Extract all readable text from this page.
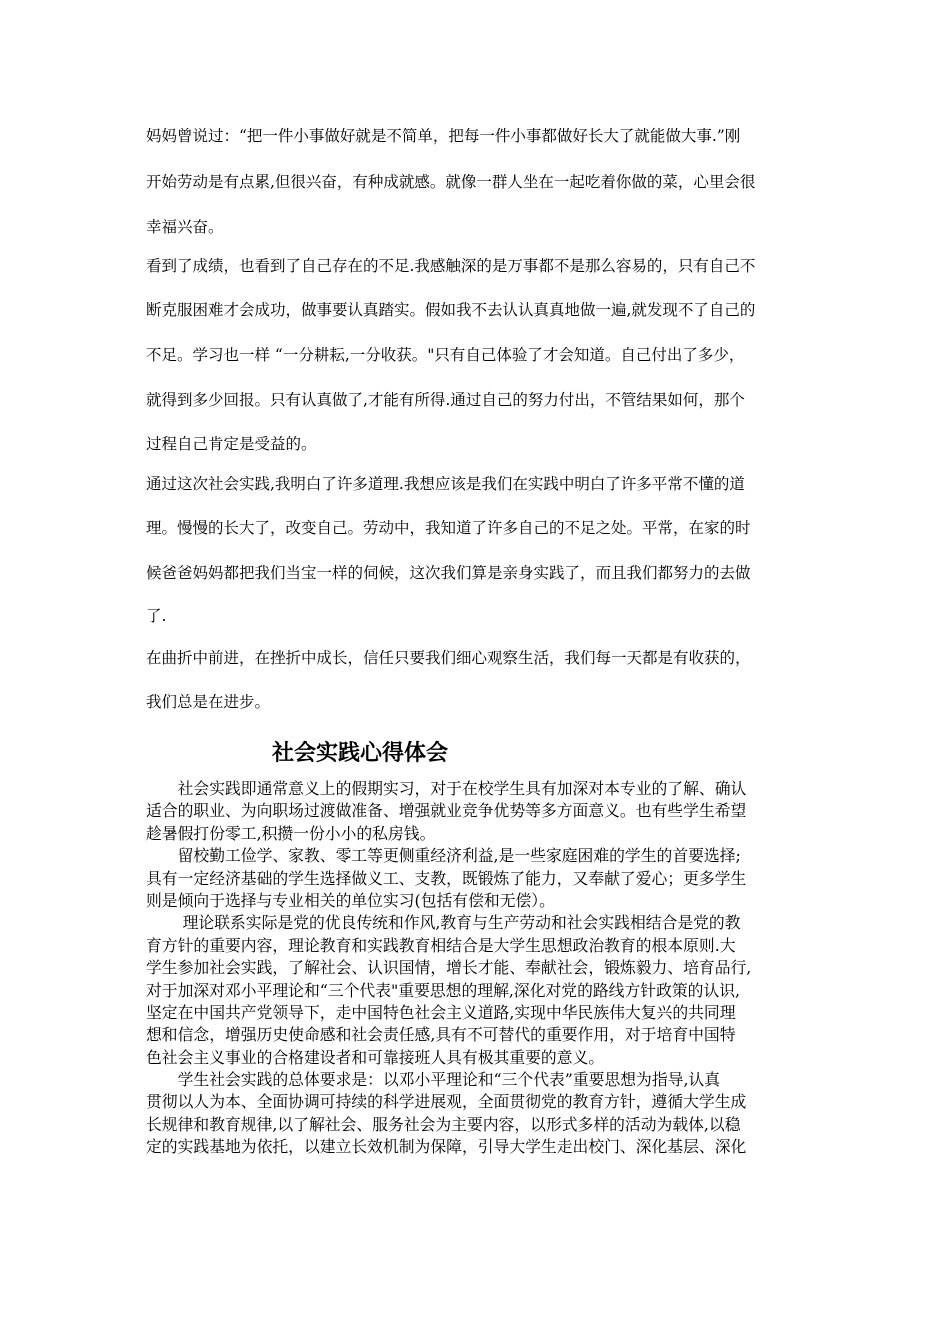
妈妈曾说过：“把一件小事做好就是不简单，把每一件小事都做好长大了就能做大事.”刚
开始劳动是有点累,但很兴奋，有种成就感。就像一群人坐在一起吃着你做的菜，心里会很
幸福兴奋。
看到了成绩，也看到了自己存在的不足.我感触深的是万事都不是那么容易的，只有自己不
断克服困难才会成功，做事要认真踏实。假如我不去认认真真地做一遍,就发现不了自己的
不足。学习也一样 “一分耕耘,一分收获。"只有自己体验了才会知道。自己付出了多少，
就得到多少回报。只有认真做了,才能有所得.通过自己的努力付出，不管结果如何，那个
过程自己肯定是受益的。
通过这次社会实践,我明白了许多道理.我想应该是我们在实践中明白了许多平常不懂的道
理。慢慢的长大了，改变自己。劳动中，我知道了许多自己的不足之处。平常，在家的时
候爸爸妈妈都把我们当宝一样的伺候，这次我们算是亲身实践了，而且我们都努力的去做
了.
在曲折中前进，在挫折中成长，信任只要我们细心观察生活，我们每一天都是有收获的，
我们总是在进步。
社会实践心得体会
　　社会实践即通常意义上的假期实习，对于在校学生具有加深对本专业的了解、确认
适合的职业、为向职场过渡做准备、增强就业竞争优势等多方面意义。也有些学生希望
趁暑假打份零工,积攒一份小小的私房钱。
　　留校勤工俭学、家教、零工等更侧重经济利益,是一些家庭困难的学生的首要选择;
具有一定经济基础的学生选择做义工、支教，既锻炼了能力，又奉献了爱心；更多学生
则是倾向于选择与专业相关的单位实习(包括有偿和无偿）。
　　 理论联系实际是党的优良传统和作风,教育与生产劳动和社会实践相结合是党的教
育方针的重要内容，理论教育和实践教育相结合是大学生思想政治教育的根本原则.大
学生参加社会实践，了解社会、认识国情，增长才能、奉献社会，锻炼毅力、培育品行,
对于加深对邓小平理论和“三个代表"重要思想的理解,深化对党的路线方针政策的认识,
坚定在中国共产党领导下，走中国特色社会主义道路,实现中华民族伟大复兴的共同理
想和信念，增强历史使命感和社会责任感,具有不可替代的重要作用，对于培育中国特
色社会主义事业的合格建设者和可靠接班人具有极其重要的意义。
　　学生社会实践的总体要求是：以邓小平理论和“三个代表”重要思想为指导,认真
贯彻以人为本、全面协调可持续的科学进展观，全面贯彻党的教育方针，遵循大学生成
长规律和教育规律,以了解社会、服务社会为主要内容，以形式多样的活动为载体,以稳
定的实践基地为依托，以建立长效机制为保障，引导大学生走出校门、深化基层、深化
